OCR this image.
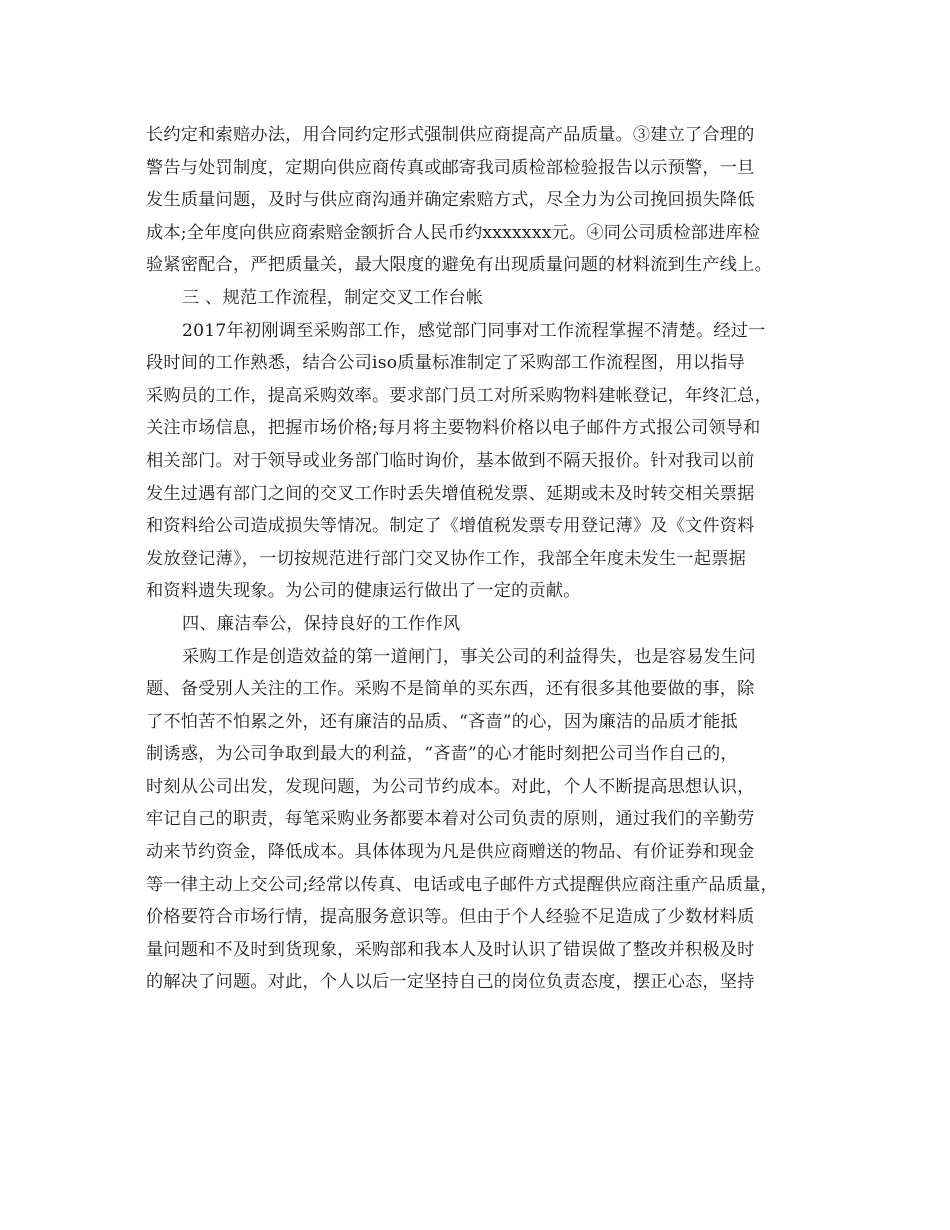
长约定和索赔办法，用合同约定形式强制供应商提高产品质量。③建立了合理的
警告与处罚制度，定期向供应商传真或邮寄我司质检部检验报告以示预警，一旦
发生质量问题，及时与供应商沟通并确定索赔方式，尽全力为公司挽回损失降低
成本;全年度向供应商索赔金额折合人民币约xxxxxxx元。④同公司质检部进库检
验紧密配合，严把质量关，最大限度的避免有出现质量问题的材料流到生产线上。
三 、规范工作流程，制定交叉工作台帐
2017年初刚调至采购部工作，感觉部门同事对工作流程掌握不清楚。经过一
段时间的工作熟悉，结合公司iso质量标准制定了采购部工作流程图，用以指导
采购员的工作，提高采购效率。要求部门员工对所采购物料建帐登记，年终汇总，
关注市场信息，把握市场价格;每月将主要物料价格以电子邮件方式报公司领导和
相关部门。对于领导或业务部门临时询价，基本做到不隔天报价。针对我司以前
发生过遇有部门之间的交叉工作时丢失增值税发票、延期或未及时转交相关票据
和资料给公司造成损失等情况。制定了《增值税发票专用登记薄》及《文件资料
发放登记薄》，一切按规范进行部门交叉协作工作，我部全年度未发生一起票据
和资料遗失现象。为公司的健康运行做出了一定的贡献。
四、廉洁奉公，保持良好的工作作风
采购工作是创造效益的第一道闸门，事关公司的利益得失，也是容易发生问
题、备受别人关注的工作。采购不是简单的买东西，还有很多其他要做的事，除
了不怕苦不怕累之外，还有廉洁的品质、“吝啬”的心，因为廉洁的品质才能抵
制诱惑，为公司争取到最大的利益，“吝啬”的心才能时刻把公司当作自己的，
时刻从公司出发，发现问题，为公司节约成本。对此，个人不断提高思想认识，
牢记自己的职责，每笔采购业务都要本着对公司负责的原则，通过我们的辛勤劳
动来节约资金，降低成本。具体体现为凡是供应商赠送的物品、有价证券和现金
等一律主动上交公司;经常以传真、电话或电子邮件方式提醒供应商注重产品质量，
价格要符合市场行情，提高服务意识等。但由于个人经验不足造成了少数材料质
量问题和不及时到货现象，采购部和我本人及时认识了错误做了整改并积极及时
的解决了问题。对此，个人以后一定坚持自己的岗位负责态度，摆正心态，坚持
